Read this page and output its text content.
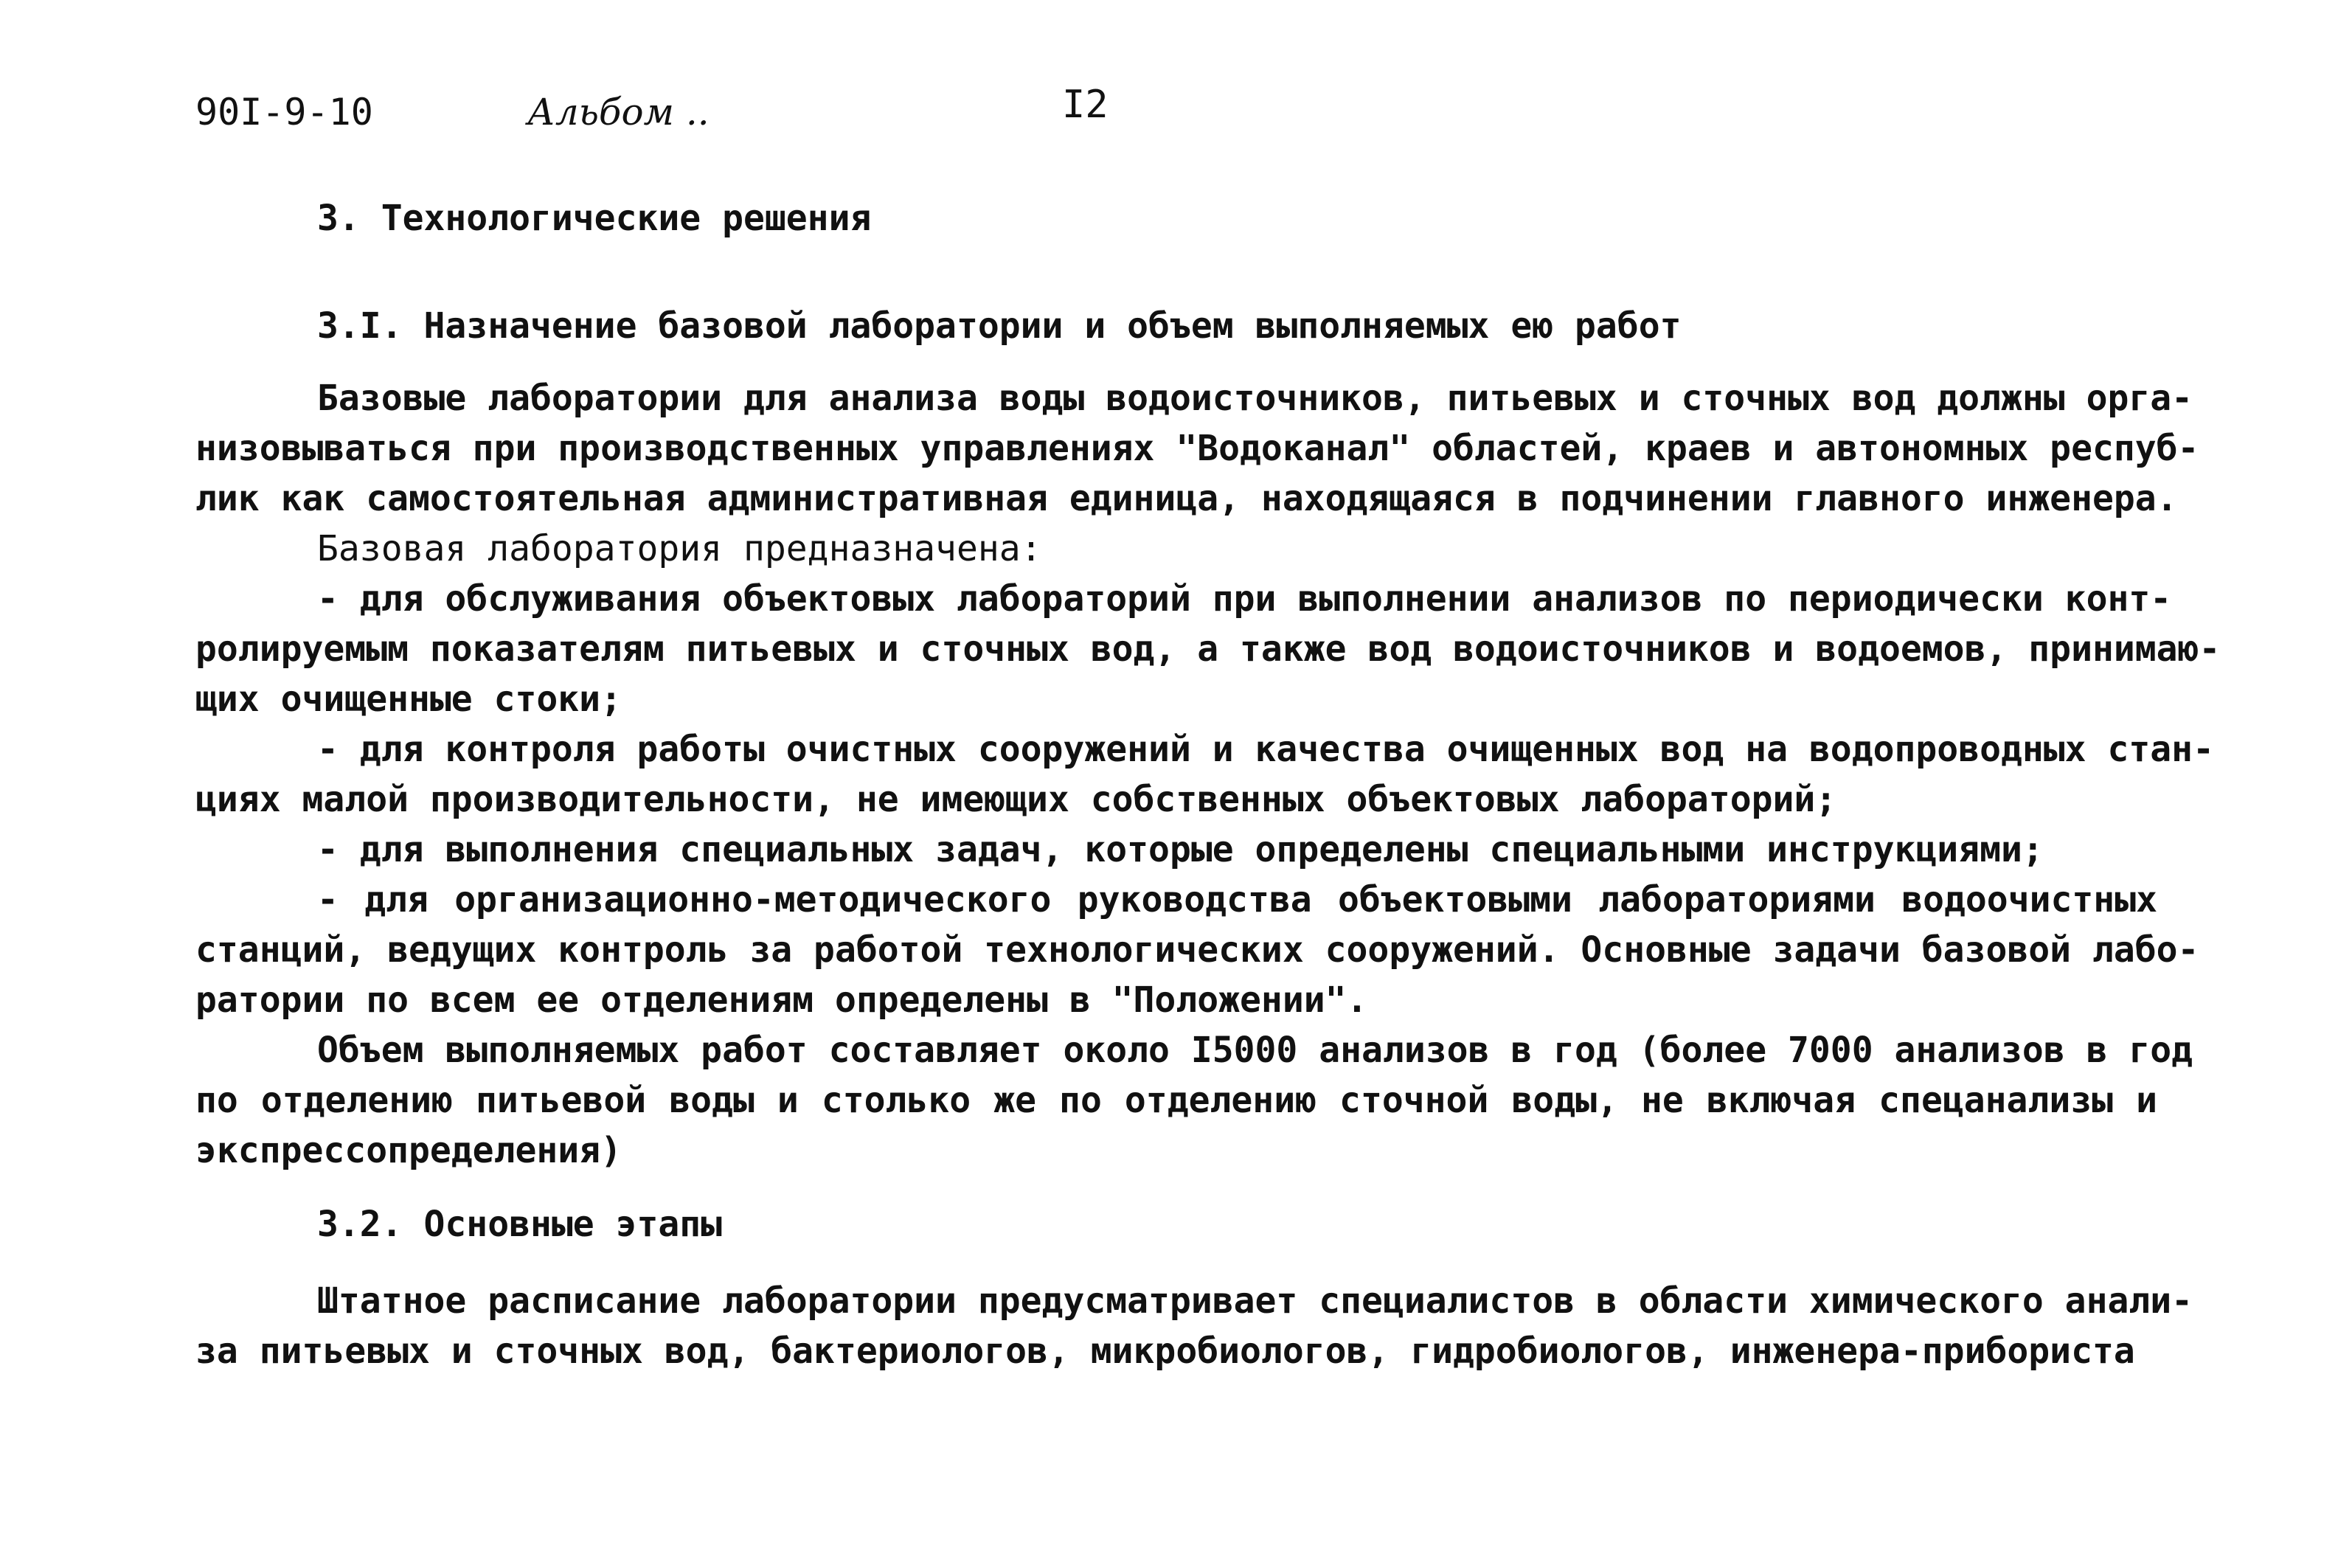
90I-9-10	Альбом ..	I2
3. Технологические решения
3.I. Назначение базовой лаборатории и объем выполняемых ею работ
Базовые лаборатории для анализа воды водоисточников, питьевых и сточных вод должны орга-
низовываться при производственных управлениях "Водоканал" областей, краев и автономных респуб-
лик как самостоятельная административная единица, находящаяся в подчинении главного инженера.
Базовая лаборатория предназначена:
- для обслуживания объектовых лабораторий при выполнении анализов по периодически конт-
ролируемым показателям питьевых и сточных вод, а также вод водоисточников и водоемов, принимаю-
щих очищенные стоки;
- для контроля работы очистных сооружений и качества очищенных вод на водопроводных стан-
циях малой производительности, не имеющих собственных объектовых лабораторий;
- для выполнения специальных задач, которые определены специальными инструкциями;
- для организационно-методического руководства объектовыми лабораториями водоочистных
станций, ведущих контроль за работой технологических сооружений. Основные задачи базовой лабо-
ратории по всем ее отделениям определены в "Положении".
Объем выполняемых работ составляет около I5000 анализов в год (более 7000 анализов в год
по отделению питьевой воды и столько же по отделению сточной воды, не включая спецанализы и
экспрессопределения)
3.2. Основные этапы
Штатное расписание лаборатории предусматривает специалистов в области химического анали-
за питьевых и сточных вод, бактериологов, микробиологов, гидробиологов, инженера-прибориста
